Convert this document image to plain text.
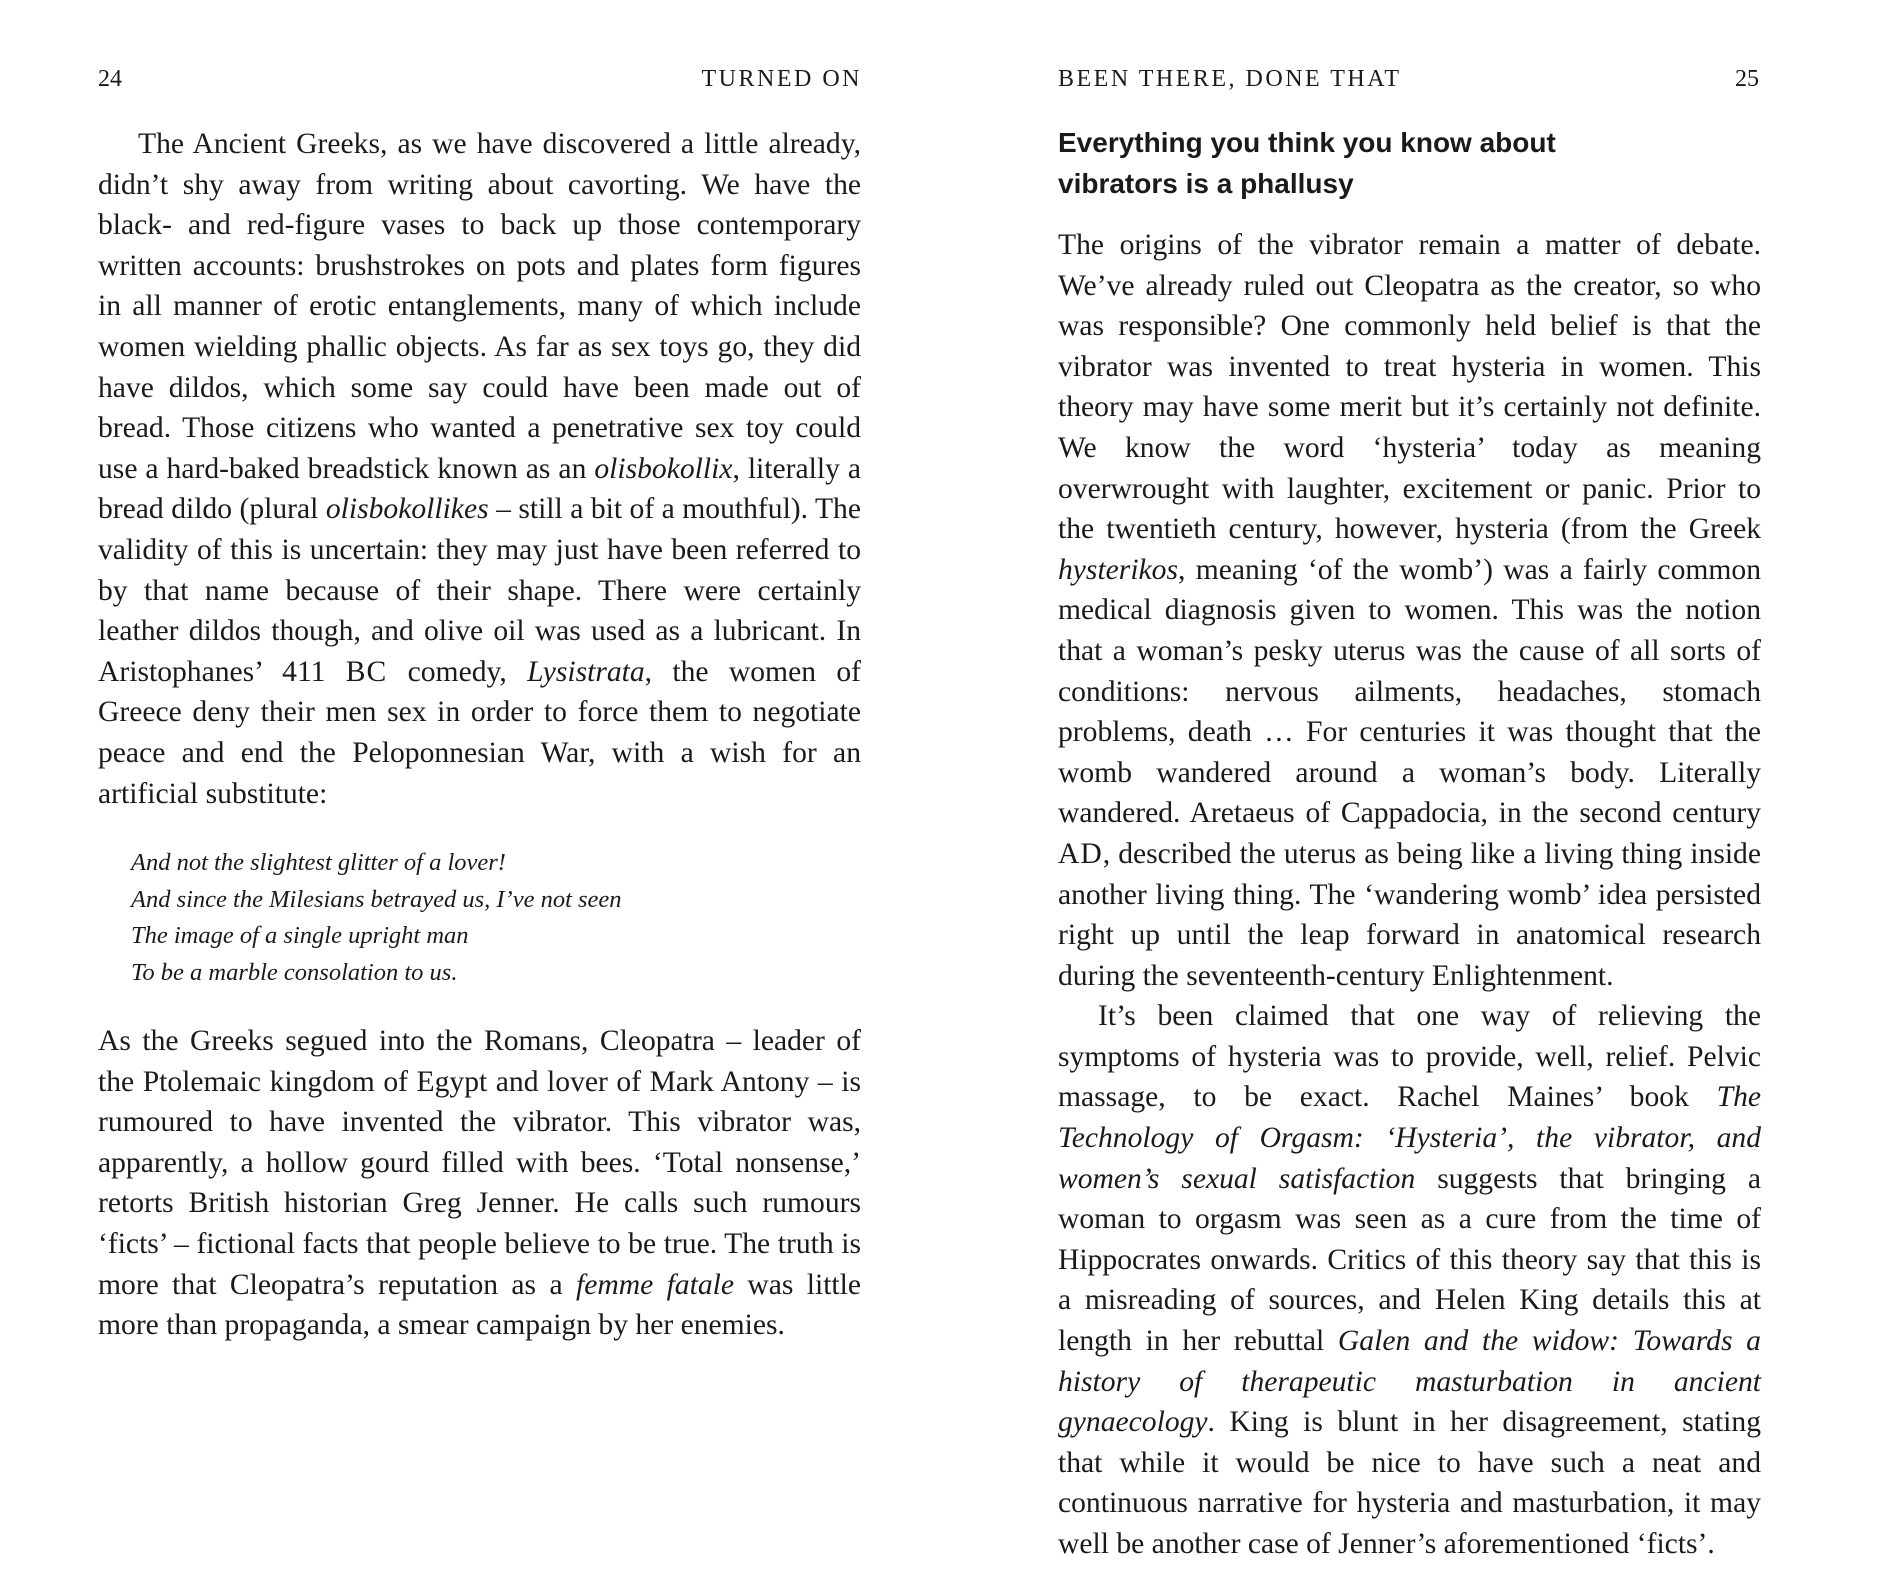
24	TURNED ON

The Ancient Greeks, as we have discovered a little already, didn’t shy away from writing about cavorting. We have the black- and red-figure vases to back up those contemporary written accounts: brushstrokes on pots and plates form figures in all manner of erotic entanglements, many of which include women wielding phallic objects. As far as sex toys go, they did have dildos, which some say could have been made out of bread. Those citizens who wanted a penetrative sex toy could use a hard-baked breadstick known as an olisbokollix, literally a bread dildo (plural olisbokollikes – still a bit of a mouthful). The validity of this is uncertain: they may just have been referred to by that name because of their shape. There were certainly leather dildos though, and olive oil was used as a lubricant. In Aristophanes’ 411 BC comedy, Lysistrata, the women of Greece deny their men sex in order to force them to negotiate peace and end the Peloponnesian War, with a wish for an artificial substitute:

And not the slightest glitter of a lover!
And since the Milesians betrayed us, I’ve not seen
The image of a single upright man
To be a marble consolation to us.

As the Greeks segued into the Romans, Cleopatra – leader of the Ptolemaic kingdom of Egypt and lover of Mark Antony – is rumoured to have invented the vibrator. This vibrator was, apparently, a hollow gourd filled with bees. ‘Total nonsense,’ retorts British historian Greg Jenner. He calls such rumours ‘ficts’ – fictional facts that people believe to be true. The truth is more that Cleopatra’s reputation as a femme fatale was little more than propaganda, a smear campaign by her enemies.

BEEN THERE, DONE THAT	25
Everything you think you know about
vibrators is a phallusy

The origins of the vibrator remain a matter of debate. We’ve already ruled out Cleopatra as the creator, so who was responsible? One commonly held belief is that the vibrator was invented to treat hysteria in women. This theory may have some merit but it’s certainly not definite. We know the word ‘hysteria’ today as meaning overwrought with laughter, excitement or panic. Prior to the twentieth century, however, hysteria (from the Greek hysterikos, meaning ‘of the womb’) was a fairly common medical diagnosis given to women. This was the notion that a woman’s pesky uterus was the cause of all sorts of conditions: nervous ailments, headaches, stomach problems, death … For centuries it was thought that the womb wandered around a woman’s body. Literally wandered. Aretaeus of Cappadocia, in the second century AD, described the uterus as being like a living thing inside another living thing. The ‘wandering womb’ idea persisted right up until the leap forward in anatomical research during the seventeenth-century Enlightenment.

It’s been claimed that one way of relieving the symptoms of hysteria was to provide, well, relief. Pelvic massage, to be exact. Rachel Maines’ book The Technology of Orgasm: ‘Hysteria’, the vibrator, and women’s sexual satisfaction suggests that bringing a woman to orgasm was seen as a cure from the time of Hippocrates onwards. Critics of this theory say that this is a misreading of sources, and Helen King details this at length in her rebuttal Galen and the widow: Towards a history of therapeutic masturbation in ancient gynaecology. King is blunt in her disagreement, stating that while it would be nice to have such a neat and continuous narrative for hysteria and masturbation, it may well be another case of Jenner’s aforementioned ‘ficts’.
